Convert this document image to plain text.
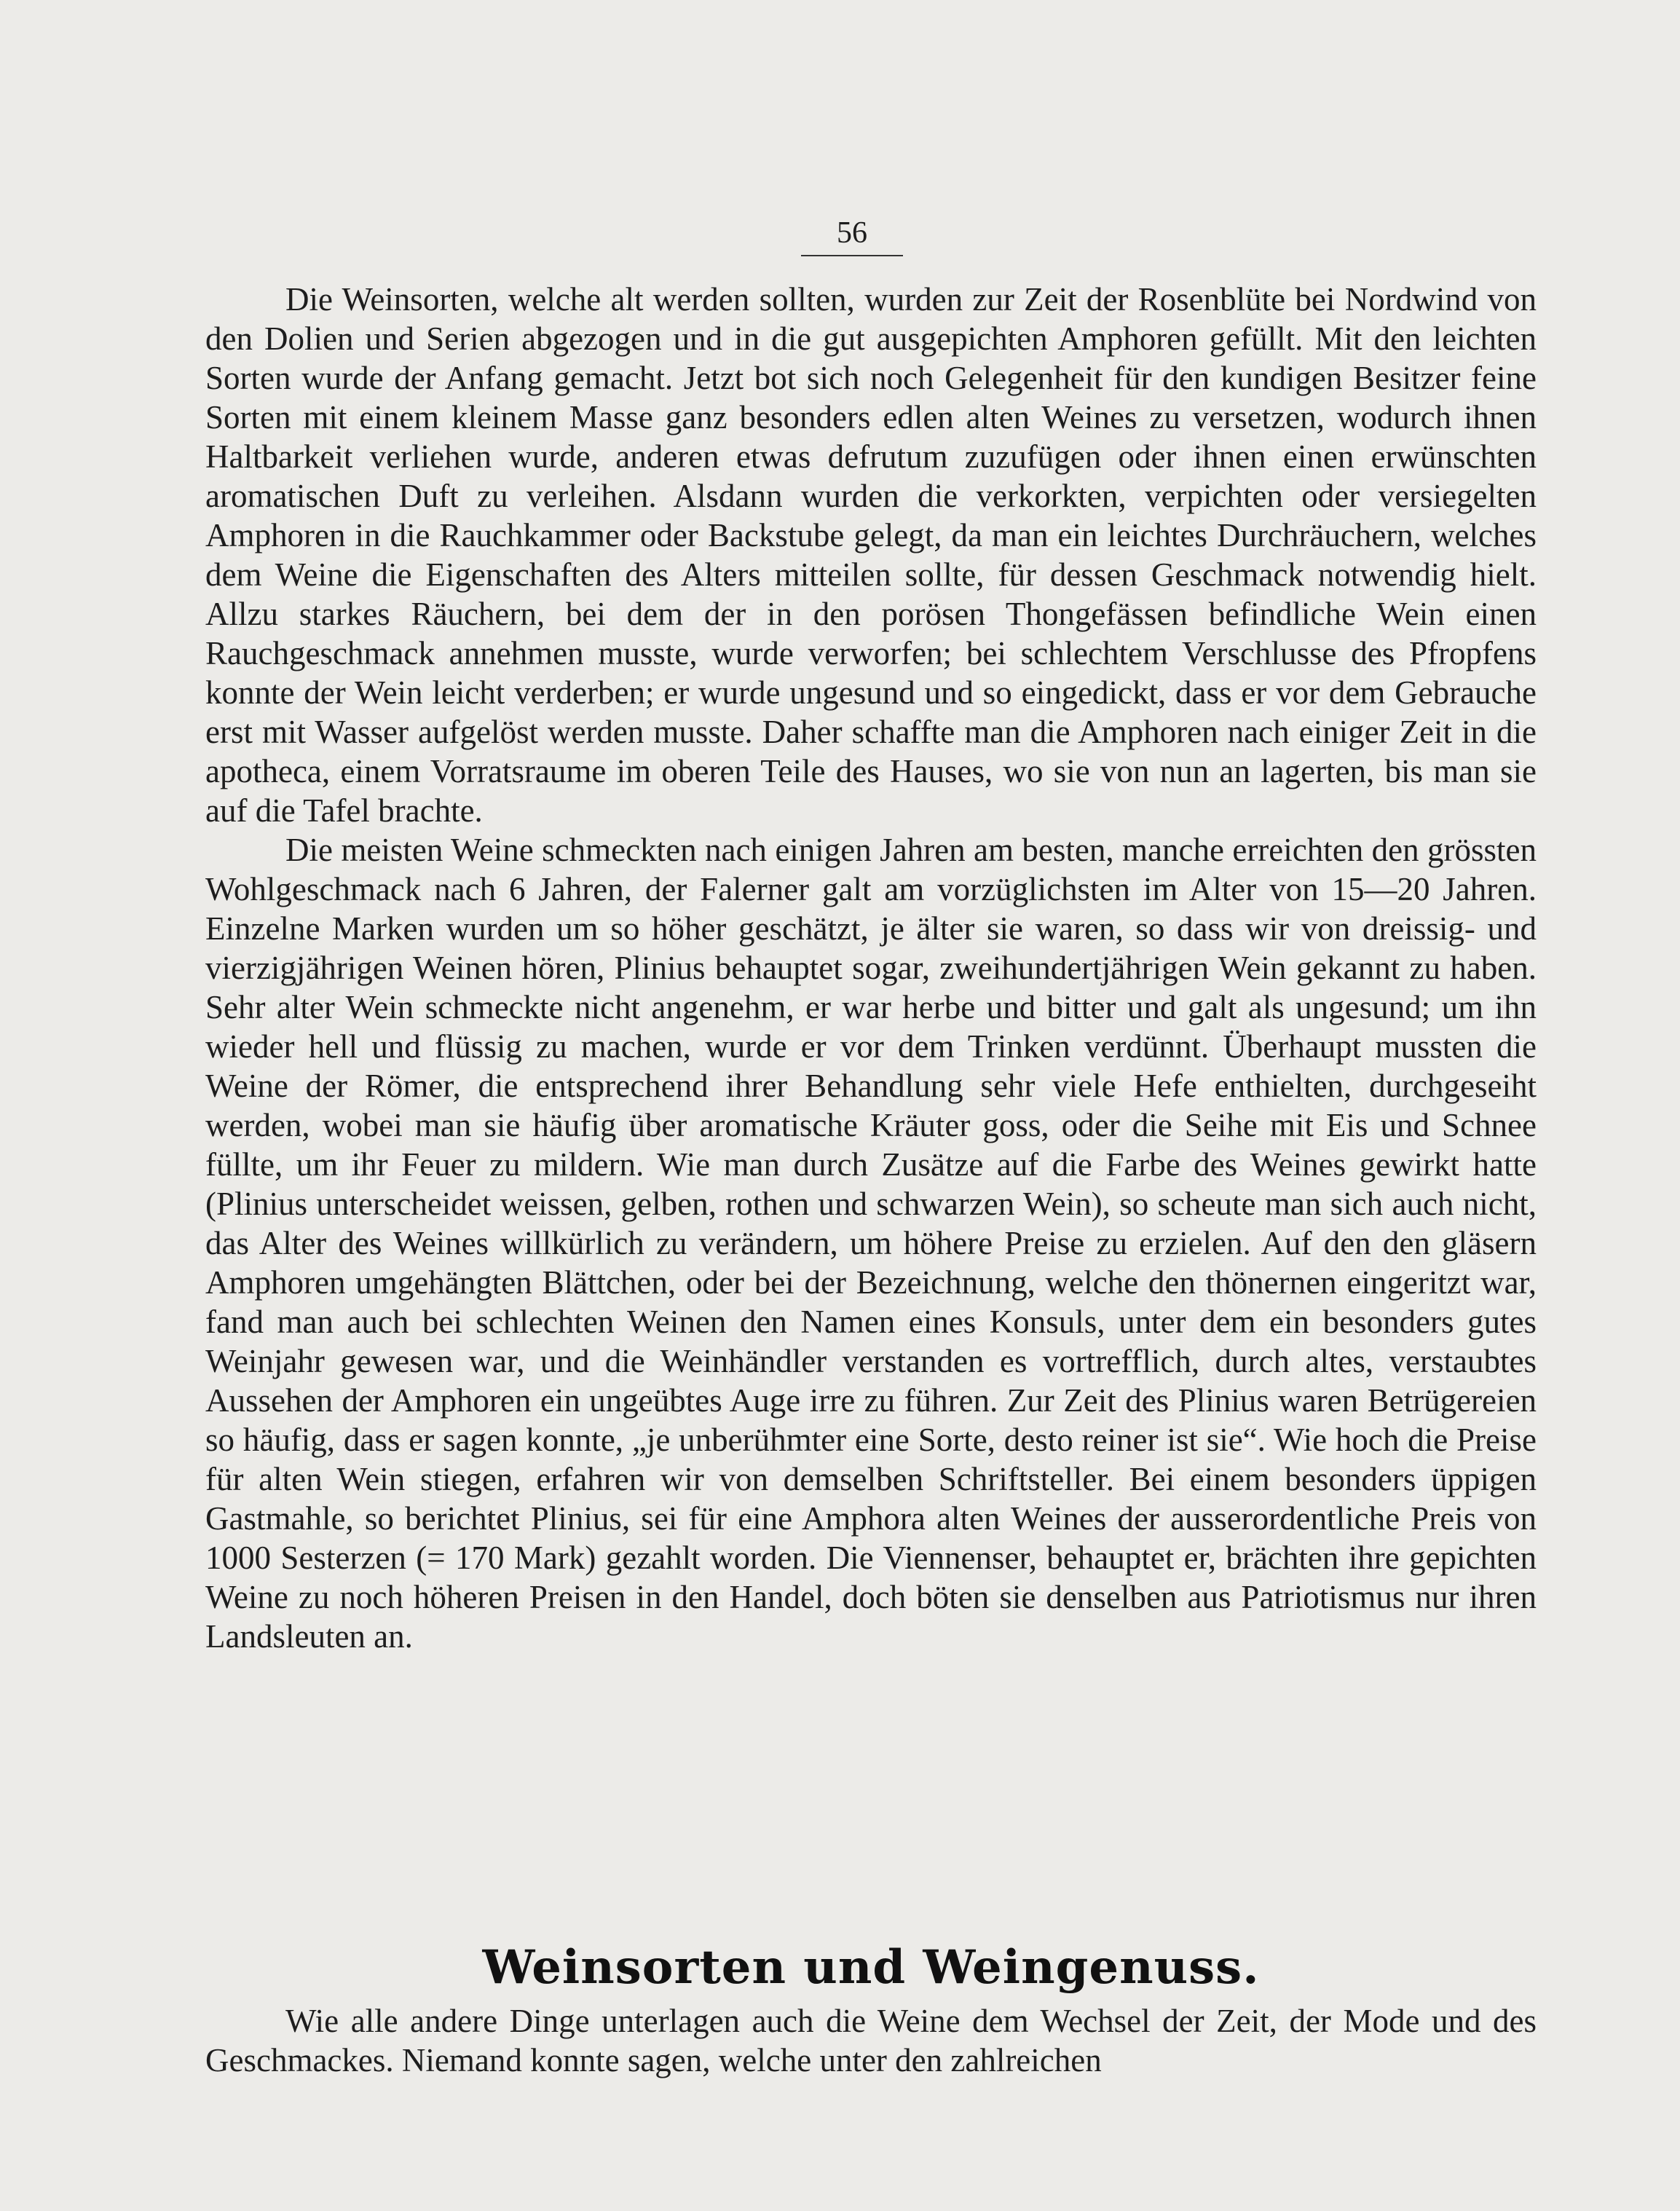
56

Die Weinsorten, welche alt werden sollten, wurden zur Zeit der Rosenblüte bei Nordwind von den Dolien und Serien abgezogen und in die gut ausgepichten Amphoren gefüllt. Mit den leichten Sorten wurde der Anfang gemacht. Jetzt bot sich noch Gelegenheit für den kundigen Besitzer feine Sorten mit einem kleinem Masse ganz besonders edlen alten Weines zu versetzen, wodurch ihnen Haltbarkeit verliehen wurde, anderen etwas defrutum zuzufügen oder ihnen einen erwünschten aromatischen Duft zu verleihen. Alsdann wurden die verkorkten, verpichten oder versiegelten Amphoren in die Rauchkammer oder Backstube gelegt, da man ein leichtes Durchräuchern, welches dem Weine die Eigenschaften des Alters mitteilen sollte, für dessen Geschmack notwendig hielt. Allzu starkes Räuchern, bei dem der in den porösen Thongefässen befindliche Wein einen Rauchgeschmack annehmen musste, wurde verworfen; bei schlechtem Verschlusse des Pfropfens konnte der Wein leicht verderben; er wurde ungesund und so eingedickt, dass er vor dem Gebrauche erst mit Wasser aufgelöst werden musste. Daher schaffte man die Amphoren nach einiger Zeit in die apotheca, einem Vorratsraume im oberen Teile des Hauses, wo sie von nun an lagerten, bis man sie auf die Tafel brachte.

Die meisten Weine schmeckten nach einigen Jahren am besten, manche erreichten den grössten Wohlgeschmack nach 6 Jahren, der Falerner galt am vorzüglichsten im Alter von 15—20 Jahren. Einzelne Marken wurden um so höher geschätzt, je älter sie waren, so dass wir von dreissig- und vierzigjährigen Weinen hören, Plinius behauptet sogar, zweihundertjährigen Wein gekannt zu haben. Sehr alter Wein schmeckte nicht angenehm, er war herbe und bitter und galt als ungesund; um ihn wieder hell und flüssig zu machen, wurde er vor dem Trinken verdünnt. Überhaupt mussten die Weine der Römer, die entsprechend ihrer Behandlung sehr viele Hefe enthielten, durchgeseiht werden, wobei man sie häufig über aromatische Kräuter goss, oder die Seihe mit Eis und Schnee füllte, um ihr Feuer zu mildern. Wie man durch Zusätze auf die Farbe des Weines gewirkt hatte (Plinius unterscheidet weissen, gelben, rothen und schwarzen Wein), so scheute man sich auch nicht, das Alter des Weines willkürlich zu verändern, um höhere Preise zu erzielen. Auf den den gläsern Amphoren umgehängten Blättchen, oder bei der Bezeichnung, welche den thönernen eingeritzt war, fand man auch bei schlechten Weinen den Namen eines Konsuls, unter dem ein besonders gutes Weinjahr gewesen war, und die Weinhändler verstanden es vortrefflich, durch altes, verstaubtes Aussehen der Amphoren ein ungeübtes Auge irre zu führen. Zur Zeit des Plinius waren Betrügereien so häufig, dass er sagen konnte, „je unberühmter eine Sorte, desto reiner ist sie“. Wie hoch die Preise für alten Wein stiegen, erfahren wir von demselben Schriftsteller. Bei einem besonders üppigen Gastmahle, so berichtet Plinius, sei für eine Amphora alten Weines der ausserordentliche Preis von 1000 Sesterzen (= 170 Mark) gezahlt worden. Die Viennenser, behauptet er, brächten ihre gepichten Weine zu noch höheren Preisen in den Handel, doch böten sie denselben aus Patriotismus nur ihren Landsleuten an.

Weinsorten und Weingenuss.

Wie alle andere Dinge unterlagen auch die Weine dem Wechsel der Zeit, der Mode und des Geschmackes. Niemand konnte sagen, welche unter den zahlreichen
